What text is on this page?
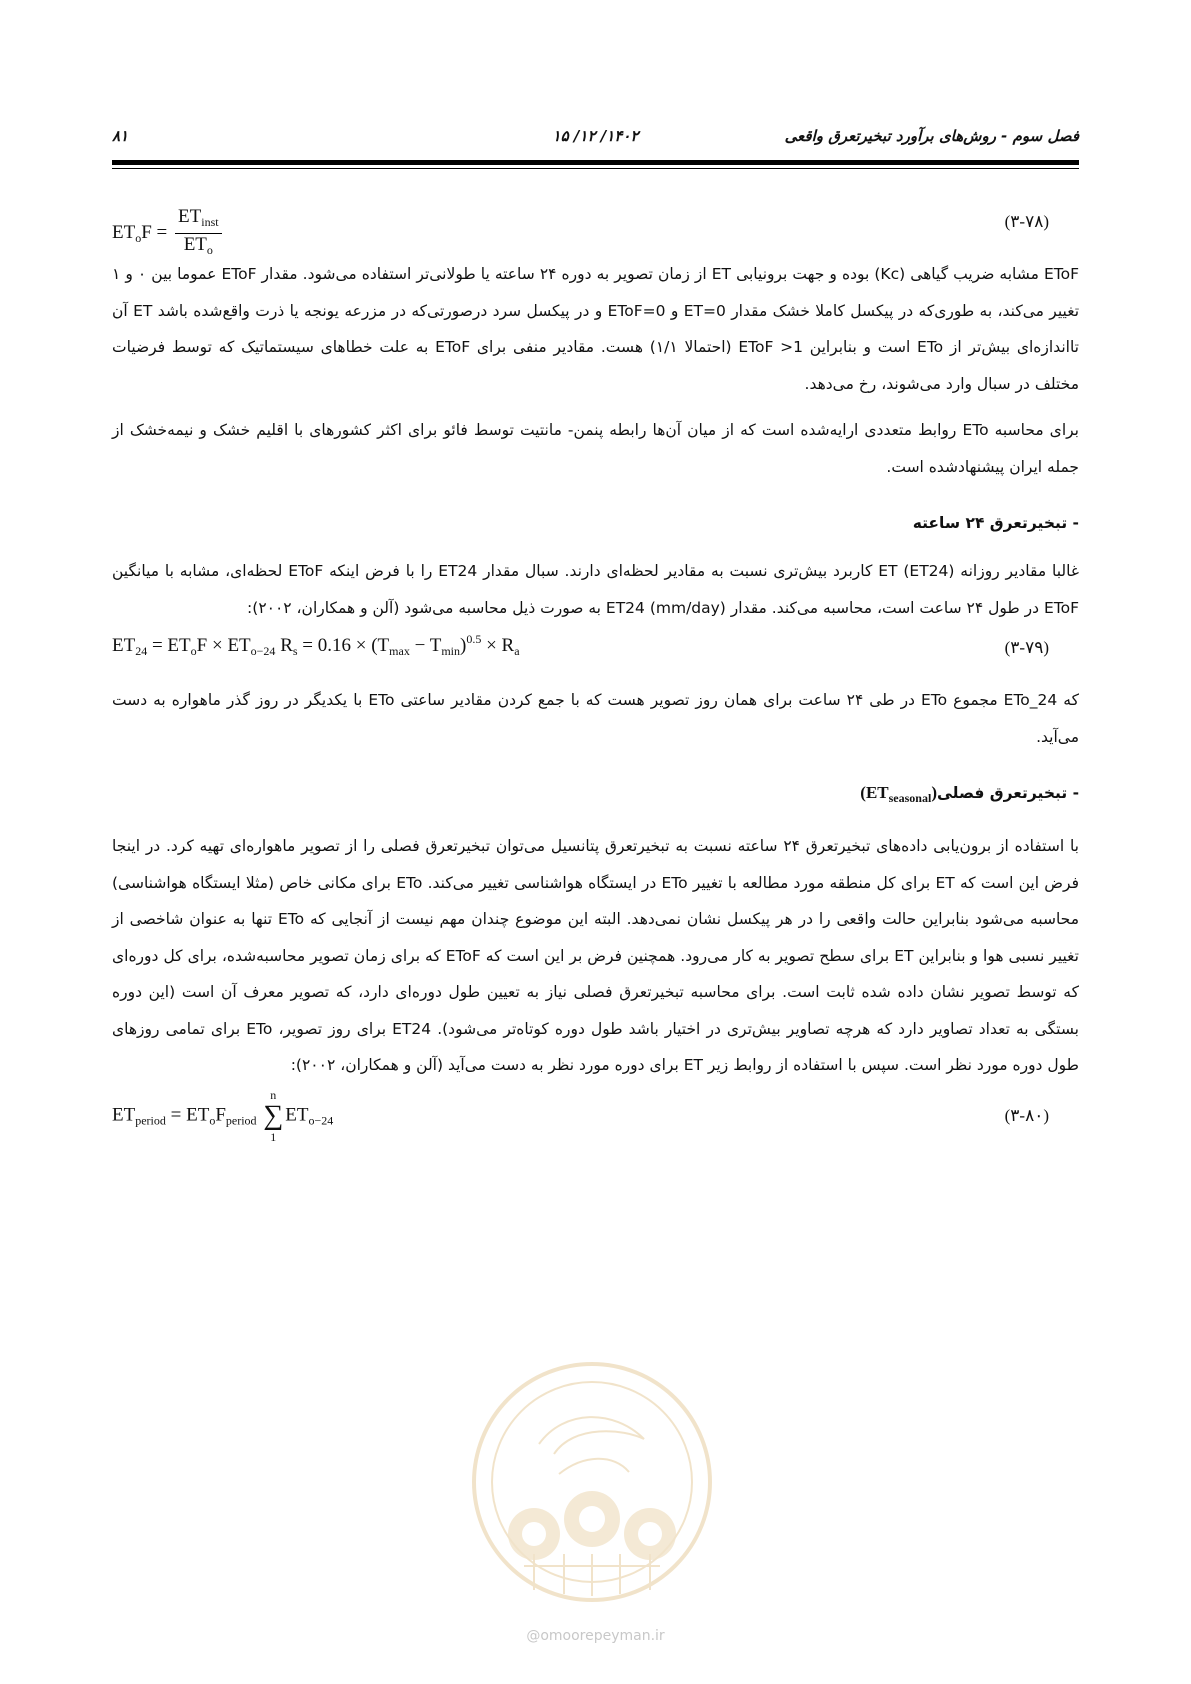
فصل سوم - روش‌های برآورد تبخیرتعرق واقعی
۱۴۰۲/ ۱۲/ ۱۵
۸۱
$ET_oF = \frac{ET_{inst}}{ET_o}$	(۳-۷۸)

ETo‌F مشابه ضریب گیاهی (Kc) بوده و جهت برونیابی ET از زمان تصویر به دوره ۲۴ ساعته یا طولانی‌تر استفاده می‌شود. مقدار ETo‌F عموما بین ۰ و ۱ تغییر می‌کند، به طوری‌که در پیکسل کاملا خشک مقدار ET=0 و ETo‌F=0 و در پیکسل سرد درصورتی‌که در مزرعه یونجه یا ذرت واقع‌شده باشد ET آن تااندازه‌ای بیش‌تر از ETo است و بنابراین ETo‌F >1 (احتمالا ۱/۱) هست. مقادیر منفی برای ETo‌F به علت خطاهای سیستماتیک که توسط فرضیات مختلف در سبال وارد می‌شوند، رخ می‌دهد.

برای محاسبه ETo روابط متعددی ارایه‌شده است که از میان آن‌ها رابطه پنمن- مانتیت توسط فائو برای اکثر کشورهای با اقلیم خشک و نیمه‌خشک از جمله ایران پیشنهادشده است.

- تبخیرتعرق ۲۴ ساعته

غالبا مقادیر روزانه ET (ET24) کاربرد بیش‌تری نسبت به مقادیر لحظه‌ای دارند. سبال مقدار ET24 را با فرض اینکه EToF لحظه‌ای، مشابه با میانگین EToF در طول ۲۴ ساعت است، محاسبه می‌کند. مقدار ET24 (mm/day) به صورت ذیل محاسبه می‌شود (آلن و همکاران، ۲۰۰۲):

$ET_{24} = ET_oF \times ET_{o-24}$ $R_s = 0.16 \times (T_{max} - T_{min})^{0.5} \times R_a$	(۳-۷۹)

که ETo_24 مجموع ETo در طی ۲۴ ساعت برای همان روز تصویر هست که با جمع کردن مقادیر ساعتی ETo با یکدیگر در روز گذر ماهواره به دست می‌آید.

- تبخیرتعرق $فصلی(ET_{seasonal})$

با استفاده از برون‌یابی داده‌های تبخیرتعرق ۲۴ ساعته نسبت به تبخیرتعرق پتانسیل می‌توان تبخیرتعرق فصلی را از تصویر ماهواره‌ای تهیه کرد. در اینجا فرض این است که ET برای کل منطقه مورد مطالعه با تغییر ETo در ایستگاه هواشناسی تغییر می‌کند. ETo برای مکانی خاص (مثلا ایستگاه هواشناسی) محاسبه می‌شود بنابراین حالت واقعی را در هر پیکسل نشان نمی‌دهد. البته این موضوع چندان مهم نیست از آنجایی که ETo تنها به عنوان شاخصی از تغییر نسبی هوا و بنابراین ET برای سطح تصویر به کار می‌رود. همچنین فرض بر این است که EToF که برای زمان تصویر محاسبه‌شده، برای کل دوره‌ای که توسط تصویر نشان داده شده ثابت است. برای محاسبه تبخیرتعرق فصلی نیاز به تعیین طول دوره‌ای دارد، که تصویر معرف آن است (این دوره بستگی به تعداد تصاویر دارد که هرچه تصاویر بیش‌تری در اختیار باشد طول دوره کوتاه‌تر می‌شود). ET24 برای روز تصویر، ETo برای تمامی روزهای طول دوره مورد نظر است. سپس با استفاده از روابط زیر ET برای دوره مورد نظر به دست می‌آید (آلن و همکاران، ۲۰۰۲):

$ET_{period} = ET_oF_{period}$
n
∑
1
$ET_{o-24}$	(۳-۸۰)
@omoorepeyman.ir
